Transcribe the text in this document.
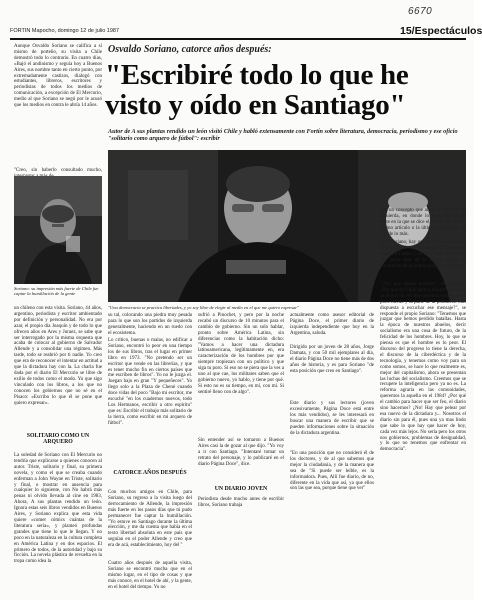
6670
FORTIN Mapocho, domingo 12 de julio 1987	15/Espectáculos
Aunque Osvaldo Soriano se califica a sí mismo de porteño, su visita a Chile demostró todo lo contrario. En cuatro días, «Bajó el andinismo y seguía hoy a Buenos Aires, sus nombre tanto en cierto punto, por extremadamente castizos, dialogó con estudiantes, libreros, escritores y periodistas de todos los medios de comunicación, a excepción de El Mercurio, medio al que Soriano se negó por le acusó que los medios en contra le abría 14 años.
"Creo, sin haberlo consultado mucho,
Soriano: su impresión más fuerte de Chile fue captar la humillación de la gente
un chileno con esta visita. Soriano, 44 años, argentino, periodista y escritor ambientado por definición y personalidad. No era por azar, el propio día Joaquín y de todo lo que ofrecen años en Ares y Juraez, se sabe que ser interrogado por la misma orquesta que acaba de colocar al gobierno de Salvador Allende y a consolidar una régimen. Más tarde, todo se reabrió por ti nadie. Yo creo que era de reconocer el intentar en actitud a que la dictadura hay con la. La charla fue dada por el diario El Mercurio se libre de exilio de todos como el modo. Yo que sigo vinculado con los libros, a los que no conocen los gobiernos que no sé en el Pisaco: «Escribo lo que él se pone que quiero expresar».
SOLITARIO COMO UN ARQUERO
La soledad de Soriano con El Mercurio no tendría que explicarse a quienes conocen al autor. Triste, solitario y final, su primera novela, y como el que se creaba cuando enferman a John Wayne en Triste, solitario y final, o mostrar en ausencia para cualquier lo siguiente, con No habrá más penas ni olvido llevada al cine en 1983, Ahora, A sus plantas rendido un león. Ignora estas seis libros vendidos en Buenos Aires, y Soriano explica que esta vida quiere «comer cómics cuántas de la literatura seria», y planteó profundas grandes que tiene lo que le llegan. Y no poco en la naturaleza en la cultura completa en América Latina y en dos espacios. El primero de todos, de la autoridad y bajo su ficción. La novela plástica de revuelta en la tropa como idea la
Osvaldo Soriano, catorce años después:
"Escribiré todo lo que he visto y oído en Santiago"
Autor de A sus plantas rendido un león visitó Chile y habló extensamente con Fortín sobre literatura, democracia, periodismo y ese oficio "solitario como arquero de fútbol": escribir
"Una democracia se practica libertades, y yo soy libre de elegir al medio en el que me quiero expresar"
su tal, colocando una piedra muy pesada para lo que son los partidos de izquierda generalmente, haciendo en un ruedo con el ecosistema.
Lo crítico, buenas o malas, no edificar a Soriano, encontró lo peor en una tiempo los de sus libros, tras el lugar en primer libro en 1973. "No pretendo ser un escritor que vende en las librerías, y que es tener mucho fin en ciertos países que me escriben de libros". Yo no le juzga el. Juegan bajo en gran "Y pequeñeces". Yo llego solo a la Plaza de Chené cuando doce vidas del poco "Bajo mi escritor, me escuché "en los cuadernos nuevos, todo Los Hermanos, escribir a otro espíritu" que es: Escribir el trabajo más solitario de la tierra, como escribir en mi arquero de fútbol".
CATORCE AÑOS DESPUÉS
Con muchos amigos en Chile, para Soriano, su regreso a la visita luego del derrocamiento de Allende, la impresión más fuerte en los pasos días que tú pudo permanecer fue captar la humillación. "Yo estuve en Santiago durante la última elección, y me da cuenta que había en el texto libertad absoluta en este país que seguían en el poder Allende y creo que era de acá, establecimiento, hoy del "
Cuatro años después de aquella visita, Soriano se encontró mucha que en el mismo lugar, en el tipo de cosas y que más conoce, en el hotel de ahí, y la gente, en el hotel del tiempo. Yo no
sufrió a Pinochet, y pero por la noche recabó un discurso de 10 minutos para el cambio de gobierno. Sin un solo hablar, pronto sobre América Latina, sin diferencias como la habitación dicho: "Vamos a hacer una dictadura latinoamericana, legítimamente en, era caracterización de los hombres por que siempre tropiezan con un político y que siga tu poro. Si eso no se piera que la ves a uno al que cae, los militares saben que el gobierno nuevo, yo hablo, y tiene por qué. Si esto no es su tiempo, en mí, con mí. Si sentiré lleno con de algo".
Sin entender así se tomaron a Buenos Aires casi la de gozar al que dijo. "Yo voy a ir con Santiago. "Intentaré tomar un retrato del personaje, y lo publicaré en el diario Página Doce", dice.
UN DIARIO JOVEN
Periodista desde mucho antes de escribir libros, Soriano trabaja
actualmente como asesor editorial de Página Doce, el primer diario de izquierda independiente que hoy en la Argentina, saluda.
Dirigido por un joven de 28 años, Jorge Damata, y con 50 mil ejemplares al día, el diario Página Doce no tiene más de dos años de historia, y es para Soriano "de esta posición que creo en Santiago".
Este diario y sus lectores (joven excesivamente, Página Doce está entre los más vendidos), se les interesará en buscar una manera de escribir que se pueden informaciones sobre la situación de la dictadura argentina.
"En una posición que no consideró él de los doctores, y de al que sabemos que mejor la ciudadanía, y de la manera que sea de "Si puede ser leíble, es la informadora. Pues, Allí fue diario, de no, diferente en la vida que así, ya que ellos son las que sea, porque tiene que ver"
con un concepto que algunos tienen en la izquierda, en donde lo serio está en la parte en la que se dice el escrito con que el último artículo o la última lucha habló de los, de lo más.
Para Soriano, hay que partir reconociendo la declinación de las ideas socialistas en América Latina y en el mundo, y tan sólo con poco más de lo mismo habría la revolución de la propia perdida argentina.
"¿Por qué damos muerto?", se pregunta. ¿Por qué en Chile damos miedo? ¿Por qué se lo que no ves que nosotros somos no un poco miedo y la parte de la población más dispuesta a escuchar ese mensaje?", se responde el propio Soriano: "Tenemos que juzgar que hemos perdido batallas. Hasta la época de nuestros abuelos, decir socialismo era una cosa de futuro, de la felicidad de los hombres. Hoy, lo que se piensa es que el hombre es lo peor. El discurso del progreso lo tiene la derecha, el discurso de la ciberdéctica y de la tecnología, y tenemos como voy para un como somos, se hace lo que realmente es, mejor del capitalismo, ahora se presentan las luchas del socialismo. Creemos que se recupere la inteligencia pero ya no es. La reforma agraria en las comunidades, queremos la aquella en el 1984? ¿Por qué el cambio para hacer que ser feo, el diario sino hacernos? ¿No! Hay que pelear por esa nuevo de la dictadura y... Nosotros el diario sin para él, pues una ya mas lindo que sabe lo que hay que hacer de hoy, cada vez más lejos. No sería pero los otros nos gobiernos, problemas de desigualdad, y lo que no tenemos que enfrentar en democracia".
